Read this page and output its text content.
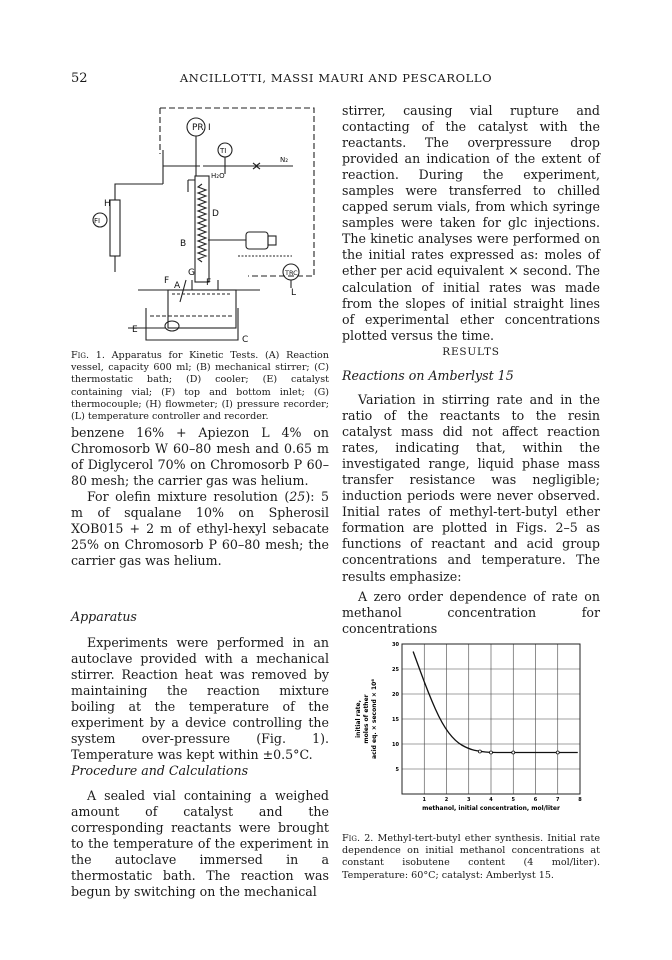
52	ANCILLOTTI, MASSI MAURI AND PESCAROLLO
PR I
TI
N₂
H₂O
FI
H
D
B
TRC
L
F
G
F
A
E
C
Fig. 1. Apparatus for Kinetic Tests. (A) Reaction vessel, capacity 600 ml; (B) mechanical stirrer; (C) thermostatic bath; (D) cooler; (E) catalyst containing vial; (F) top and bottom inlet; (G) thermocouple; (H) flowmeter; (I) pressure recorder; (L) temperature controller and recorder.

benzene 16% + Apiezon L 4% on Chromosorb W 60–80 mesh and 0.65 m of Diglycerol 70% on Chromosorb P 60–80 mesh; the carrier gas was helium.

For olefin mixture resolution (25): 5 m of squalane 10% on Spherosil XOB015 + 2 m of ethyl-hexyl sebacate 25% on Chromosorb P 60–80 mesh; the carrier gas was helium.

Apparatus

Experiments were performed in an autoclave provided with a mechanical stirrer. Reaction heat was removed by maintaining the reaction mixture boiling at the temperature of the experiment by a device controlling the system over-pressure (Fig. 1). Temperature was kept within ±0.5°C.

Procedure and Calculations

A sealed vial containing a weighed amount of catalyst and the corresponding reactants were brought to the temperature of the experiment in the autoclave immersed in a thermostatic bath. The reaction was begun by switching on the mechanical

stirrer, causing vial rupture and contacting of the catalyst with the reactants. The overpressure drop provided an indication of the extent of reaction. During the experiment, samples were transferred to chilled capped serum vials, from which syringe samples were taken for glc injections. The kinetic analyses were performed on the initial rates expressed as: moles of ether per acid equivalent × second. The calculation of initial rates was made from the slopes of initial straight lines of experimental ether concentrations plotted versus the time.

RESULTS
Reactions on Amberlyst 15

Variation in stirring rate and in the ratio of the reactants to the resin catalyst mass did not affect reaction rates, indicating that, within the investigated range, liquid phase mass transfer resistance was negligible; induction periods were never observed. Initial rates of methyl-tert-butyl ether formation are plotted in Figs. 2–5 as functions of reactant and acid group concentrations and temperature. The results emphasize:

A zero order dependence of rate on methanol concentration for concentrations

1	2	3	4	5	6	7	8
5
10
15
20
25
30
methanol, initial concentration, mol/liter
initial rate, moles of ether acid eq. × second × 10⁶
Fig. 2. Methyl-tert-butyl ether synthesis. Initial rate dependence on initial methanol concentrations at constant isobutene content (4 mol/liter). Temperature: 60°C; catalyst: Amberlyst 15.
